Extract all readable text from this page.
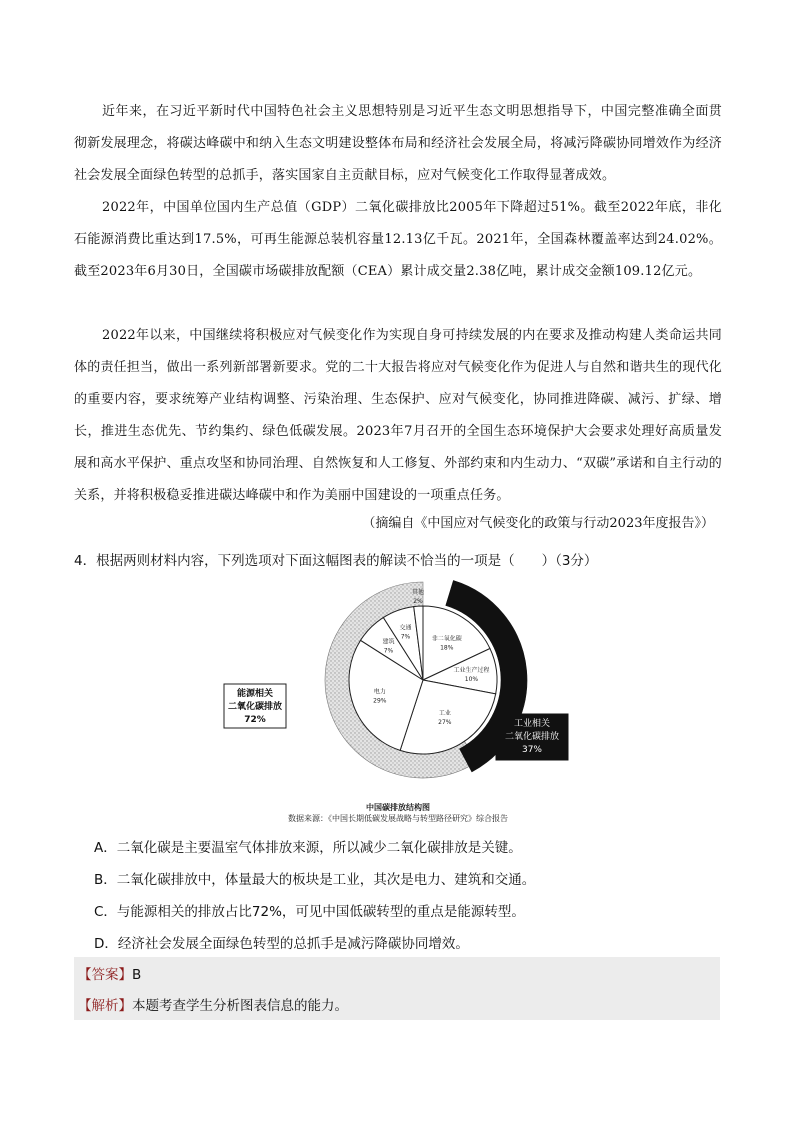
近年来，在习近平新时代中国特色社会主义思想特别是习近平生态文明思想指导下，中国完整准确全面贯彻新发展理念，将碳达峰碳中和纳入生态文明建设整体布局和经济社会发展全局，将减污降碳协同增效作为经济社会发展全面绿色转型的总抓手，落实国家自主贡献目标，应对气候变化工作取得显著成效。
2022年，中国单位国内生产总值（GDP）二氧化碳排放比2005年下降超过51%。截至2022年底，非化石能源消费比重达到17.5%，可再生能源总装机容量12.13亿千瓦。2021年，全国森林覆盖率达到24.02%。截至2023年6月30日，全国碳市场碳排放配额（CEA）累计成交量2.38亿吨，累计成交金额109.12亿元。
2022年以来，中国继续将积极应对气候变化作为实现自身可持续发展的内在要求及推动构建人类命运共同体的责任担当，做出一系列新部署新要求。党的二十大报告将应对气候变化作为促进人与自然和谐共生的现代化的重要内容，要求统筹产业结构调整、污染治理、生态保护、应对气候变化，协同推进降碳、减污、扩绿、增长，推进生态优先、节约集约、绿色低碳发展。2023年7月召开的全国生态环境保护大会要求处理好高质量发展和高水平保护、重点攻坚和协同治理、自然恢复和人工修复、外部约束和内生动力、“双碳”承诺和自主行动的关系，并将积极稳妥推进碳达峰碳中和作为美丽中国建设的一项重点任务。
（摘编自《中国应对气候变化的政策与行动2023年度报告》）
4．根据两则材料内容，下列选项对下面这幅图表的解读不恰当的一项是（　　）（3分）
非二氧化碳
18%
工业生产过程
10%
工业
27%
电力
29%
建筑
7%
交通
7%
其他
2%
能源相关
二氧化碳排放
72%	工业相关
二氧化碳排放
37%
中国碳排放结构图
数据来源：《中国长期低碳发展战略与转型路径研究》综合报告
A．二氧化碳是主要温室气体排放来源，所以减少二氧化碳排放是关键。
B．二氧化碳排放中，体量最大的板块是工业，其次是电力、建筑和交通。
C．与能源相关的排放占比72%，可见中国低碳转型的重点是能源转型。
D．经济社会发展全面绿色转型的总抓手是减污降碳协同增效。
【答案】B
【解析】本题考查学生分析图表信息的能力。
